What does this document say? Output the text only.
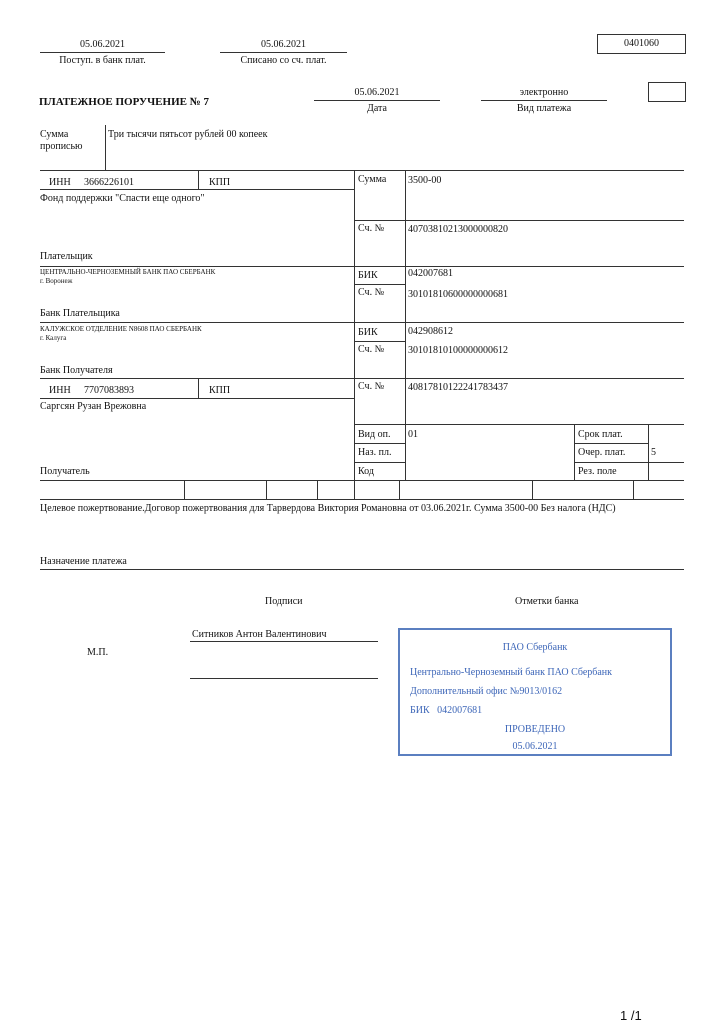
05.06.2021
Поступ. в банк плат.
05.06.2021
Списано со сч. плат.
0401060
ПЛАТЕЖНОЕ ПОРУЧЕНИЕ № 7
05.06.2021
Дата
электронно
Вид платежа
Сумма
прописью
Три тысячи пятьсот рублей 00 копеек
ИНН 3666226101	КПП
Фонд поддержки "Спасти еще одного"
Плательщик
Сумма 3500-00
Сч. № 40703810213000000820
ЦЕНТРАЛЬНО-ЧЕРНОЗЕМНЫЙ БАНК ПАО СБЕРБАНК
г. Воронеж
Банк Плательщика
БИК	042007681
Сч. № 30101810600000000681
КАЛУЖСКОЕ ОТДЕЛЕНИЕ N8608 ПАО СБЕРБАНК
г. Калуга
Банк Получателя
БИК	042908612
Сч. № 30101810100000000612
ИНН 7707083893	КПП
Саргсян Рузан Врежовна
Получатель
Сч. № 40817810122241783437
Вид оп. 01
Наз. пл.
Код
Срок плат.
Очер. плат.	5
Рез. поле
Целевое пожертвование.Договор пожертвования для Тарвердова Виктория Романовна от 03.06.2021г. Сумма 3500-00 Без налога (НДС)
Назначение платежа
Подписи	Отметки банка
Ситников Антон Валентинович
М.П.	ПАО Сбербанк
Центрально-Черноземный банк ПАО Сбербанк
Дополнительный офис №9013/0162
БИК   042007681
ПРОВЕДЕНО
05.06.2021
1 /1
